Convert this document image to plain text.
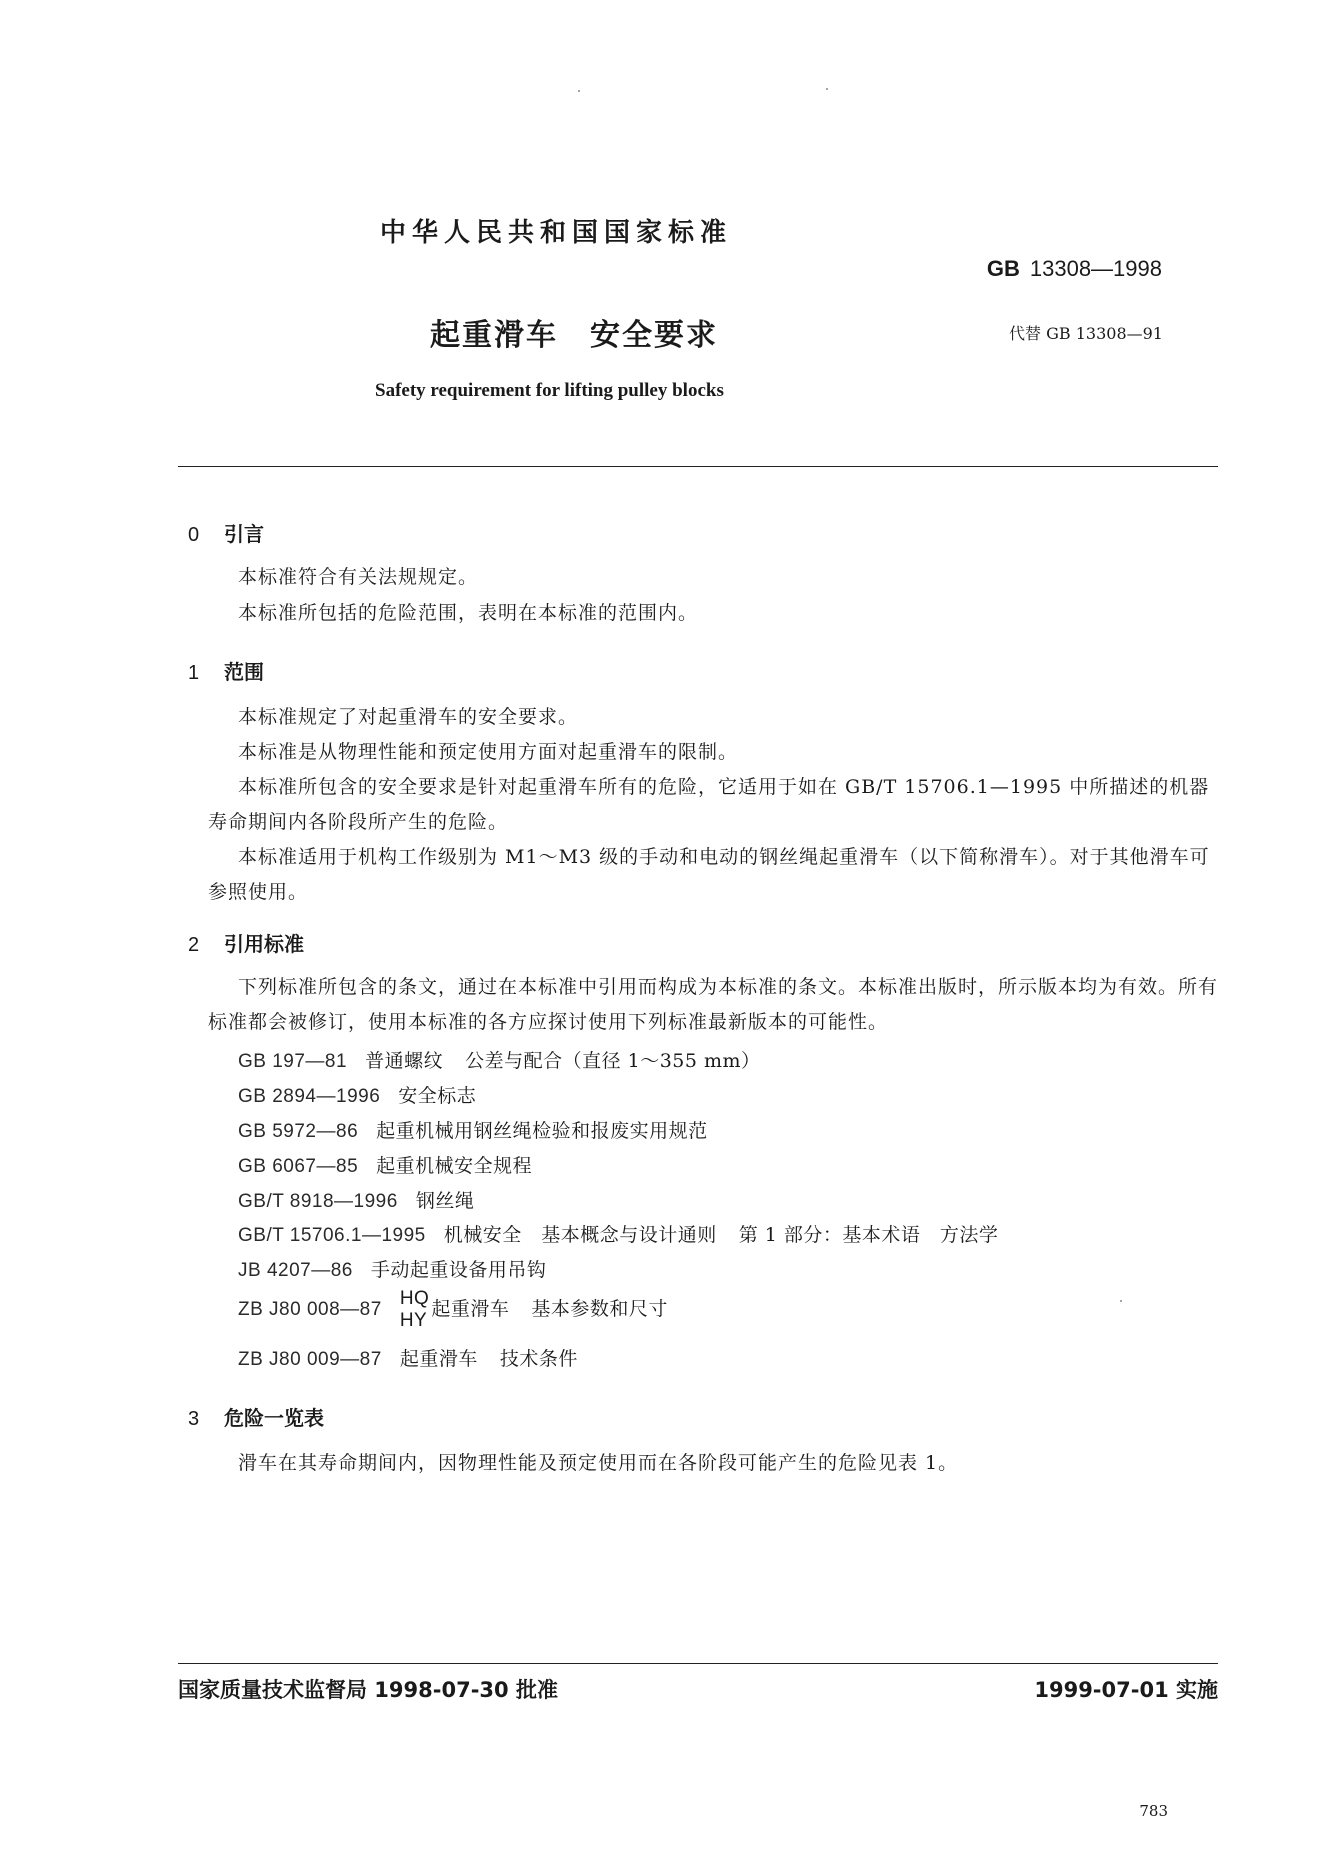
中华人民共和国国家标准
GB 13308—1998
起重滑车　安全要求	代替 GB 13308—91
Safety requirement for lifting pulley blocks
0 引言
本标准符合有关法规规定。
本标准所包括的危险范围，表明在本标准的范围内。
1 范围
本标准规定了对起重滑车的安全要求。
本标准是从物理性能和预定使用方面对起重滑车的限制。
本标准所包含的安全要求是针对起重滑车所有的危险，它适用于如在 GB/T 15706.1—1995 中所描述的机器寿命期间内各阶段所产生的危险。
本标准适用于机构工作级别为 M1～M3 级的手动和电动的钢丝绳起重滑车（以下简称滑车）。对于其他滑车可参照使用。
2 引用标准
下列标准所包含的条文，通过在本标准中引用而构成为本标准的条文。本标准出版时，所示版本均为有效。所有标准都会被修订，使用本标准的各方应探讨使用下列标准最新版本的可能性。
GB 197—81 普通螺纹 公差与配合（直径 1～355 mm）
GB 2894—1996 安全标志
GB 5972—86 起重机械用钢丝绳检验和报废实用规范
GB 6067—85 起重机械安全规程
GB/T 8918—1996 钢丝绳
GB/T 15706.1—1995 机械安全　基本概念与设计通则 第 1 部分：基本术语　方法学
JB 4207—86 手动起重设备用吊钩
ZB J80 008—87
HQ
HY
起重滑车 基本参数和尺寸
ZB J80 009—87 起重滑车 技术条件
3 危险一览表
滑车在其寿命期间内，因物理性能及预定使用而在各阶段可能产生的危险见表 1。
国家质量技术监督局 1998-07-30 批准	1999-07-01 实施
783
